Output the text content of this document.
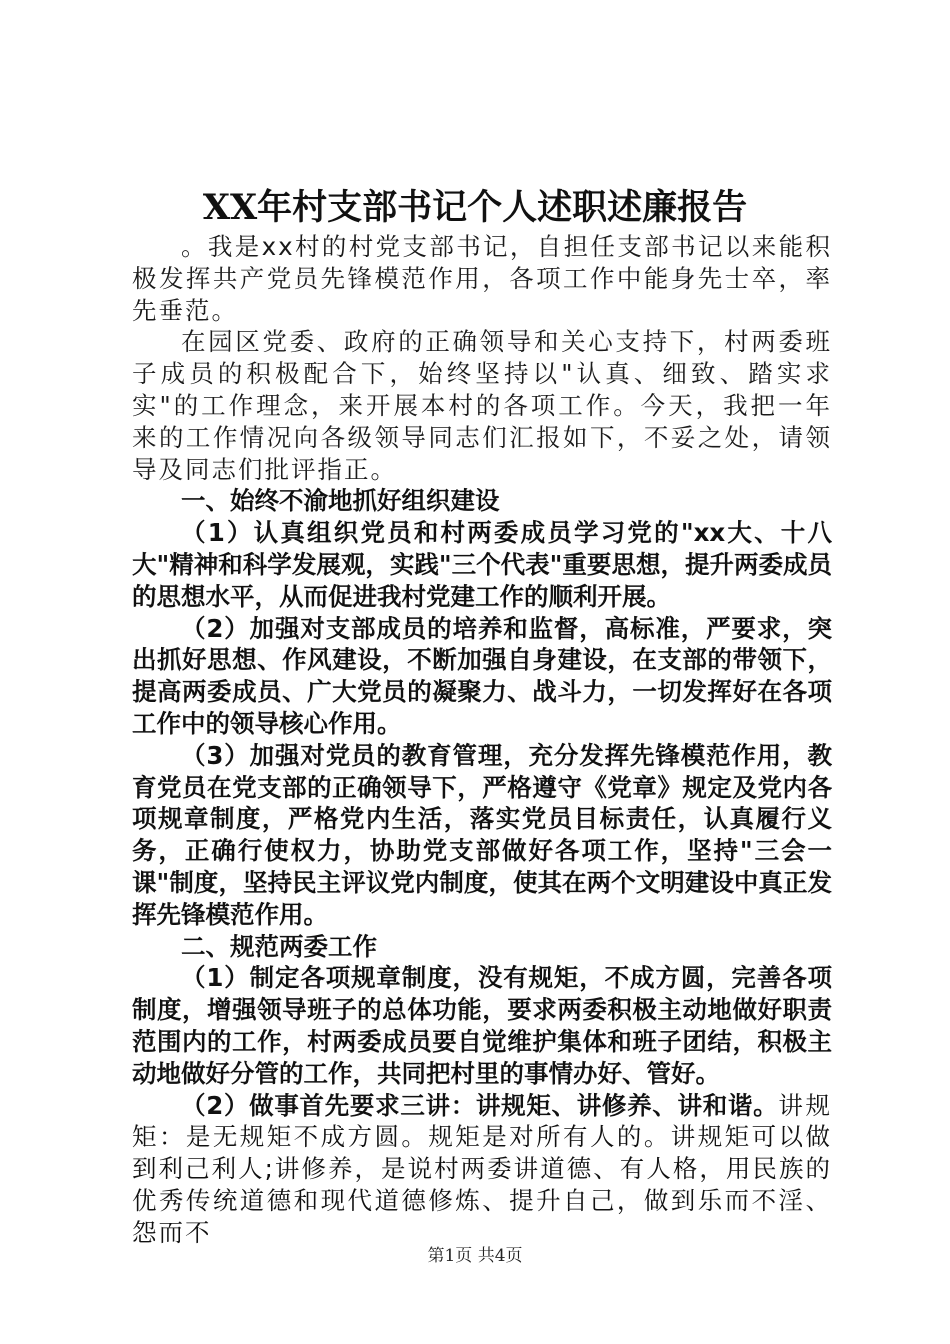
XX年村支部书记个人述职述廉报告

。我是xx村的村党支部书记，自担任支部书记以来能积极发挥共产党员先锋模范作用，各项工作中能身先士卒，率先垂范。

在园区党委、政府的正确领导和关心支持下，村两委班子成员的积极配合下，始终坚持以"认真、细致、踏实求实"的工作理念，来开展本村的各项工作。今天，我把一年来的工作情况向各级领导同志们汇报如下，不妥之处，请领导及同志们批评指正。

一、始终不渝地抓好组织建设

（1）认真组织党员和村两委成员学习党的"xx大、十八大"精神和科学发展观，实践"三个代表"重要思想，提升两委成员的思想水平，从而促进我村党建工作的顺利开展。

（2）加强对支部成员的培养和监督，高标准，严要求，突出抓好思想、作风建设，不断加强自身建设，在支部的带领下，提高两委成员、广大党员的凝聚力、战斗力，一切发挥好在各项工作中的领导核心作用。

（3）加强对党员的教育管理，充分发挥先锋模范作用，教育党员在党支部的正确领导下，严格遵守《党章》规定及党内各项规章制度，严格党内生活，落实党员目标责任，认真履行义务，正确行使权力，协助党支部做好各项工作，坚持"三会一课"制度，坚持民主评议党内制度，使其在两个文明建设中真正发挥先锋模范作用。

二、规范两委工作

（1）制定各项规章制度，没有规矩，不成方圆，完善各项制度，增强领导班子的总体功能，要求两委积极主动地做好职责范围内的工作，村两委成员要自觉维护集体和班子团结，积极主动地做好分管的工作，共同把村里的事情办好、管好。

（2）做事首先要求三讲：讲规矩、讲修养、讲和谐。讲规矩：是无规矩不成方圆。规矩是对所有人的。讲规矩可以做到利己利人;讲修养，是说村两委讲道德、有人格，用民族的优秀传统道德和现代道德修炼、提升自己，做到乐而不淫、怨而不

第1页 共4页
